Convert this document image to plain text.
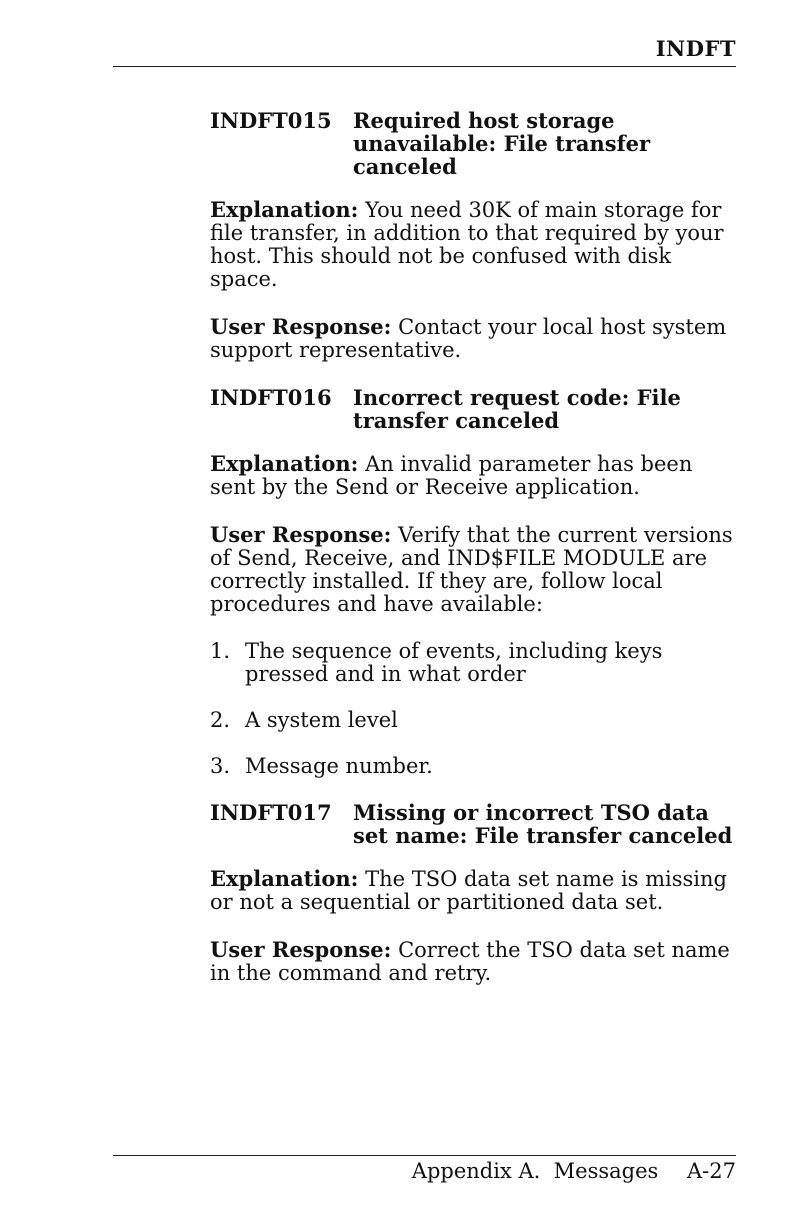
INDFT
INDFT015 Required host storage unavailable: File transfer canceled

Explanation: You need 30K of main storage for file transfer, in addition to that required by your host. This should not be confused with disk space.

User Response: Contact your local host system support representative.

INDFT016 Incorrect request code: File transfer canceled

Explanation: An invalid parameter has been sent by the Send or Receive application.

User Response: Verify that the current versions of Send, Receive, and IND$FILE MODULE are correctly installed. If they are, follow local procedures and have available:

1. The sequence of events, including keys pressed and in what order
2. A system level
3. Message number.
INDFT017 Missing or incorrect TSO data set name: File transfer canceled

Explanation: The TSO data set name is missing or not a sequential or partitioned data set.

User Response: Correct the TSO data set name in the command and retry.

Appendix A.  Messages A-27
